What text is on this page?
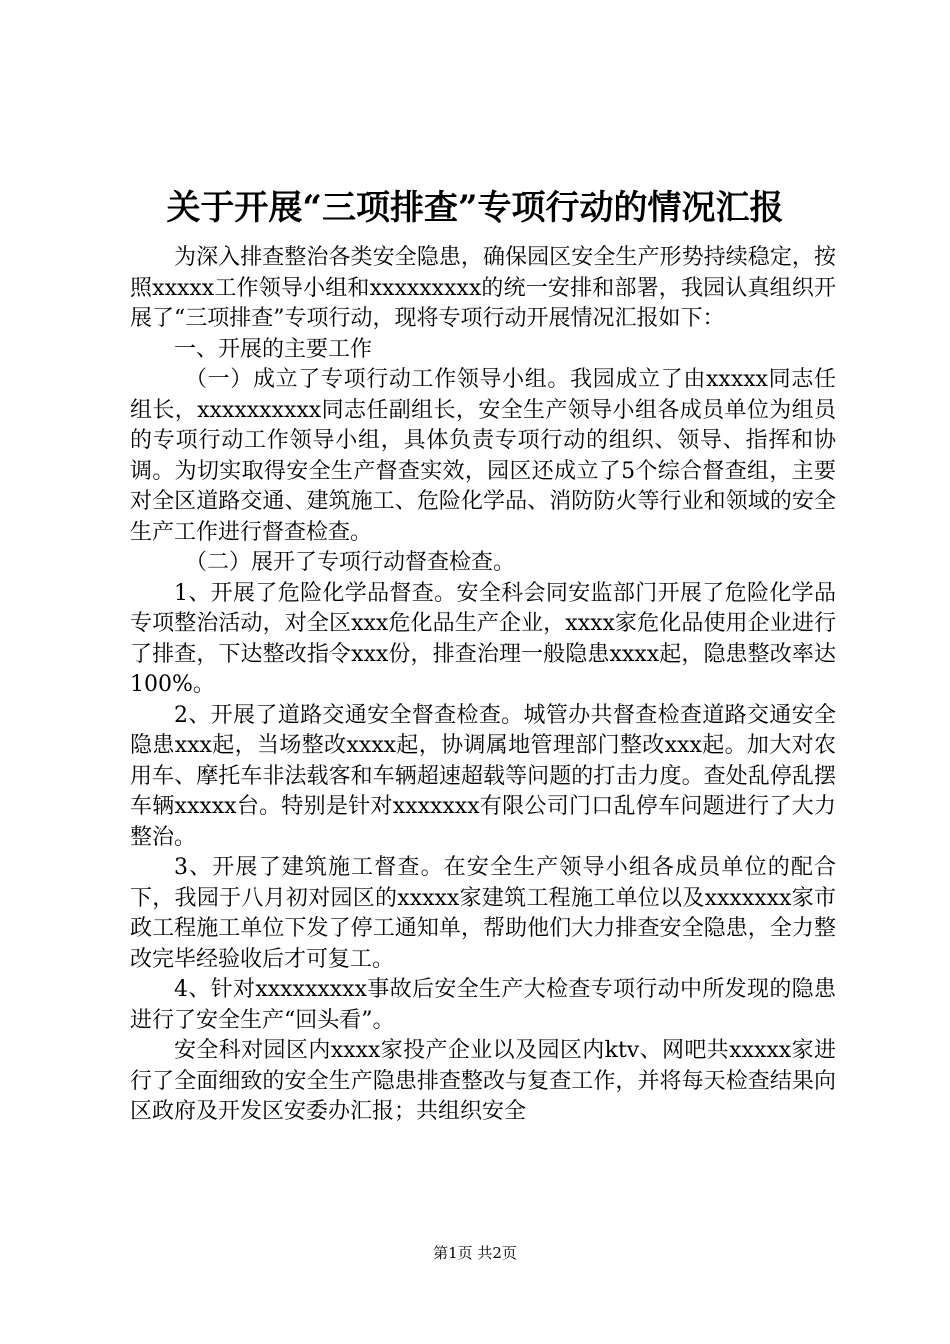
关于开展“三项排查”专项行动的情况汇报

为深入排查整治各类安全隐患，确保园区安全生产形势持续稳定，按照xxxxx工作领导小组和xxxxxxxxx的统一安排和部署，我园认真组织开展了“三项排查”专项行动，现将专项行动开展情况汇报如下：

一、开展的主要工作

（一）成立了专项行动工作领导小组。我园成立了由xxxxx同志任组长，xxxxxxxxxx同志任副组长，安全生产领导小组各成员单位为组员的专项行动工作领导小组，具体负责专项行动的组织、领导、指挥和协调。为切实取得安全生产督查实效，园区还成立了5个综合督查组，主要对全区道路交通、建筑施工、危险化学品、消防防火等行业和领域的安全生产工作进行督查检查。

（二）展开了专项行动督查检查。

1、开展了危险化学品督查。安全科会同安监部门开展了危险化学品专项整治活动，对全区xxx危化品生产企业，xxxx家危化品使用企业进行了排查，下达整改指令xxx份，排查治理一般隐患xxxx起，隐患整改率达100%。

2、开展了道路交通安全督查检查。城管办共督查检查道路交通安全隐患xxx起，当场整改xxxx起，协调属地管理部门整改xxx起。加大对农用车、摩托车非法载客和车辆超速超载等问题的打击力度。查处乱停乱摆车辆xxxxx台。特别是针对xxxxxxx有限公司门口乱停车问题进行了大力整治。

3、开展了建筑施工督查。在安全生产领导小组各成员单位的配合下，我园于八月初对园区的xxxxx家建筑工程施工单位以及xxxxxxx家市政工程施工单位下发了停工通知单，帮助他们大力排查安全隐患，全力整改完毕经验收后才可复工。

4、针对xxxxxxxxx事故后安全生产大检查专项行动中所发现的隐患进行了安全生产“回头看”。

安全科对园区内xxxx家投产企业以及园区内ktv、网吧共xxxxx家进行了全面细致的安全生产隐患排查整改与复查工作，并将每天检查结果向区政府及开发区安委办汇报；共组织安全

第1页 共2页
